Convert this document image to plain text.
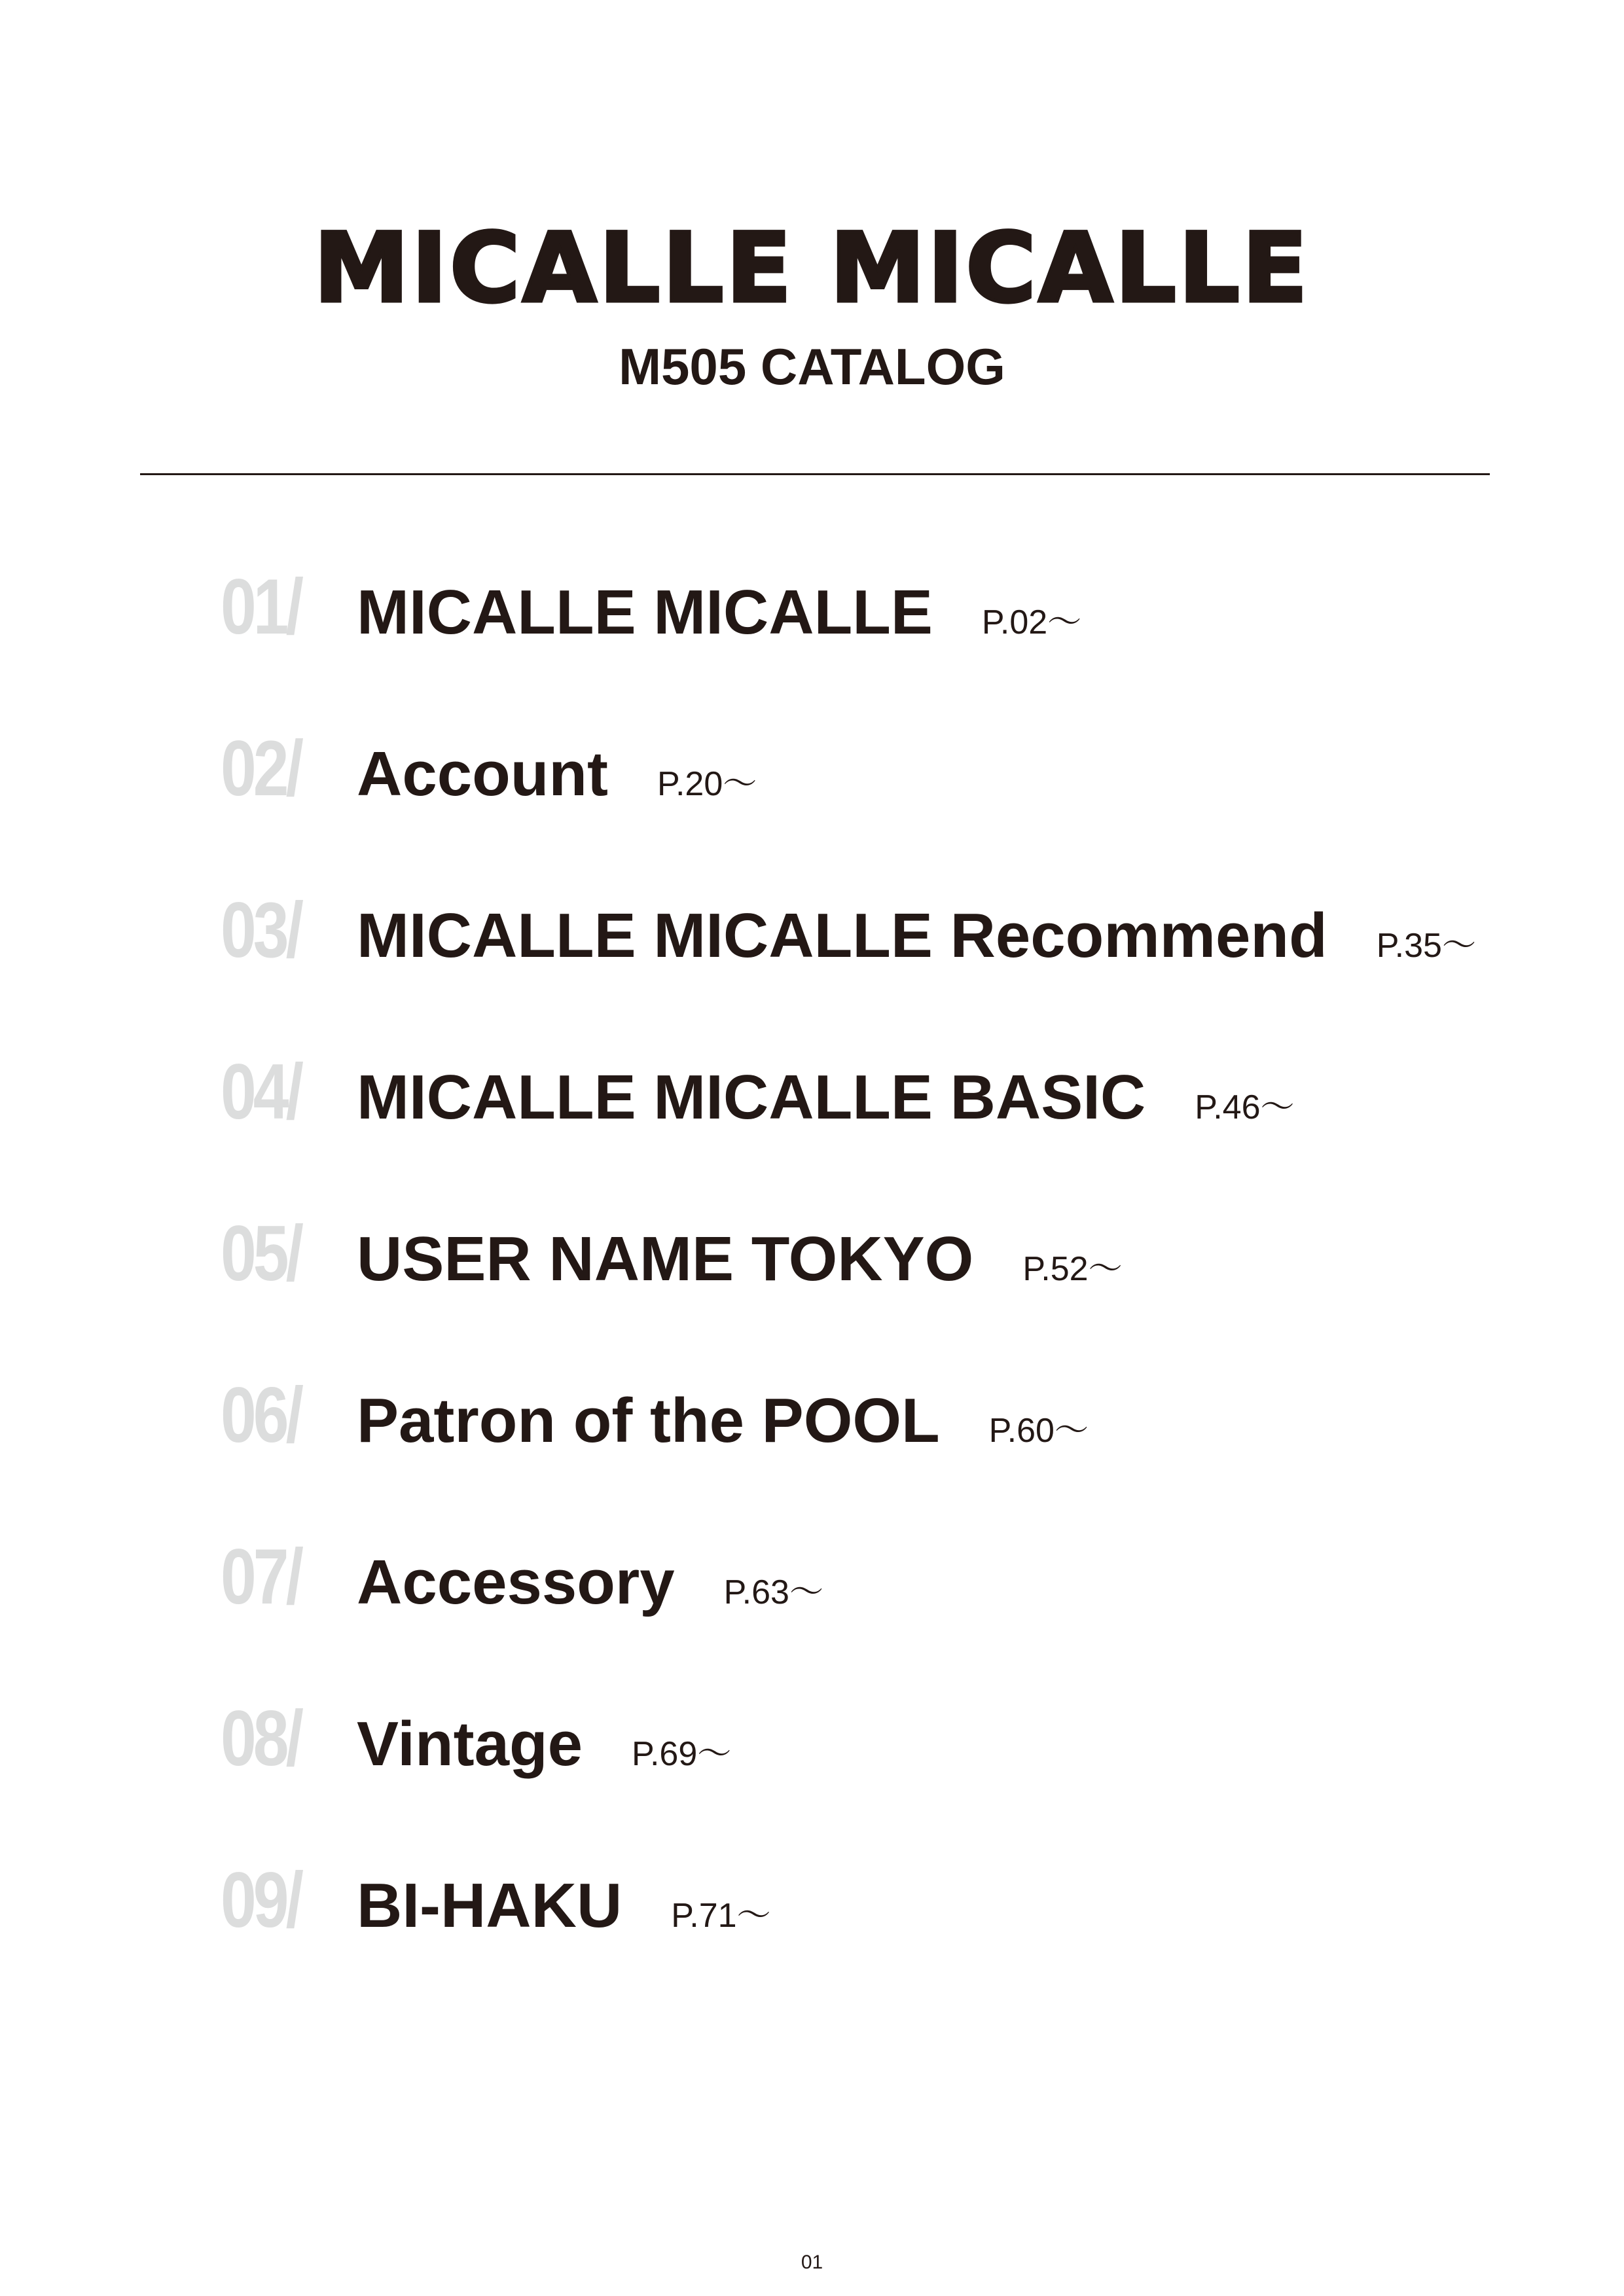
MICALLE MICALLE
M505 CATALOG
01/ MICALLE MICALLE P.02～
02/ Account P.20～
03/ MICALLE MICALLE Recommend P.35～
04/ MICALLE MICALLE BASIC P.46～
05/ USER NAME TOKYO P.52～
06/ Patron of the POOL P.60～
07/ Accessory P.63～
08/ Vintage P.69～
09/ BI-HAKU P.71～
01
